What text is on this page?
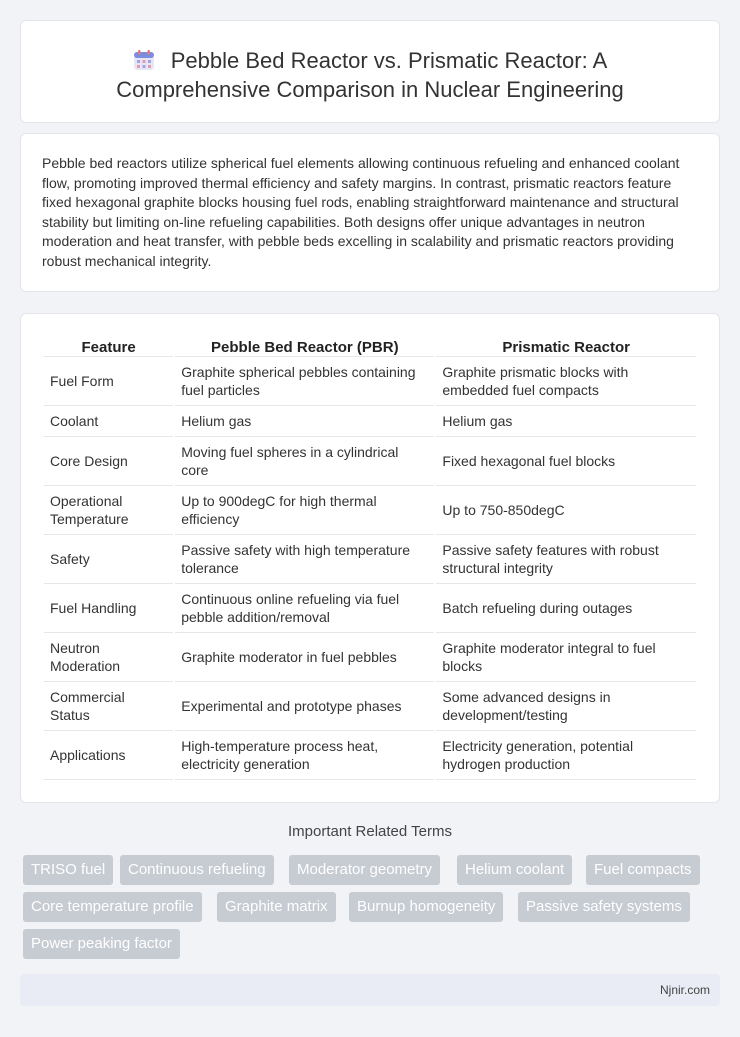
Pebble Bed Reactor vs. Prismatic Reactor: A Comprehensive Comparison in Nuclear Engineering

Pebble bed reactors utilize spherical fuel elements allowing continuous refueling and enhanced coolant flow, promoting improved thermal efficiency and safety margins. In contrast, prismatic reactors feature fixed hexagonal graphite blocks housing fuel rods, enabling straightforward maintenance and structural stability but limiting on-line refueling capabilities. Both designs offer unique advantages in neutron moderation and heat transfer, with pebble beds excelling in scalability and prismatic reactors providing robust mechanical integrity.

Feature	Pebble Bed Reactor (PBR)	Prismatic Reactor
Fuel Form	Graphite spherical pebbles containing fuel particles	Graphite prismatic blocks with embedded fuel compacts
Coolant	Helium gas	Helium gas
Core Design	Moving fuel spheres in a cylindrical core	Fixed hexagonal fuel blocks
Operational Temperature	Up to 900degC for high thermal efficiency	Up to 750-850degC
Safety	Passive safety with high temperature tolerance	Passive safety features with robust structural integrity
Fuel Handling	Continuous online refueling via fuel pebble addition/removal	Batch refueling during outages
Neutron Moderation	Graphite moderator in fuel pebbles	Graphite moderator integral to fuel blocks
Commercial Status	Experimental and prototype phases	Some advanced designs in development/testing
Applications	High-temperature process heat, electricity generation	Electricity generation, potential hydrogen production
Important Related Terms
TRISO fuel	Continuous refueling	Moderator geometry	Helium coolant	Fuel compacts
Core temperature profile	Graphite matrix	Burnup homogeneity	Passive safety systems
Power peaking factor
Njnir.com
